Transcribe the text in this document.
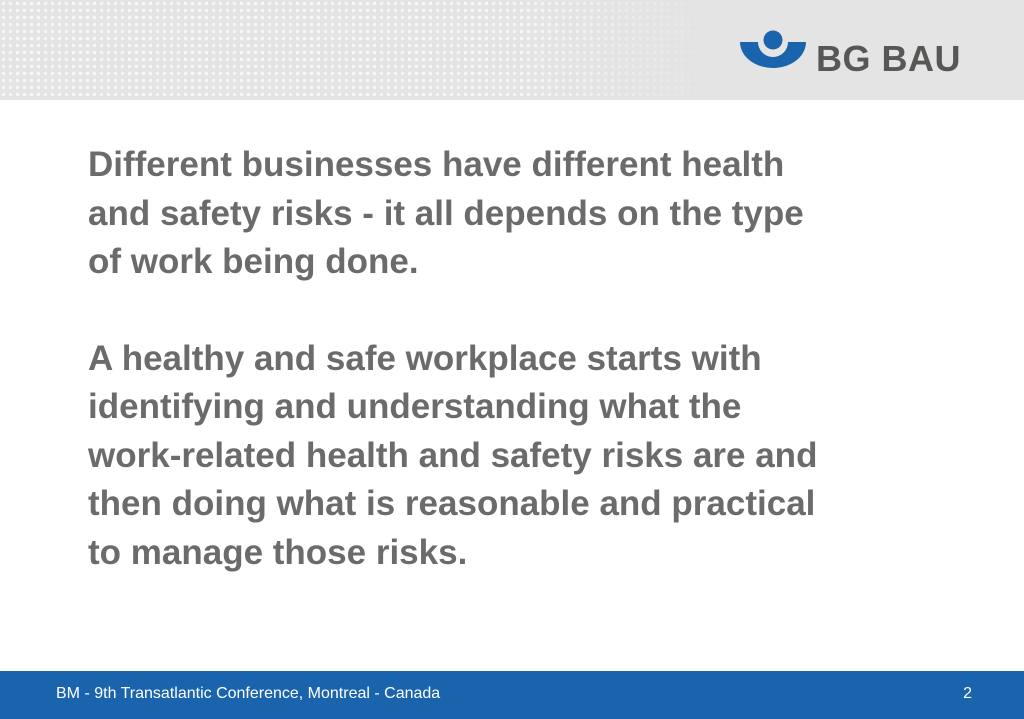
BG BAU

Different businesses have different health
and safety risks - it all depends on the type
of work being done.

A healthy and safe workplace starts with
identifying and understanding what the
work-related health and safety risks are and
then doing what is reasonable and practical
to manage those risks.

BM - 9th Transatlantic Conference, Montreal - Canada	2
